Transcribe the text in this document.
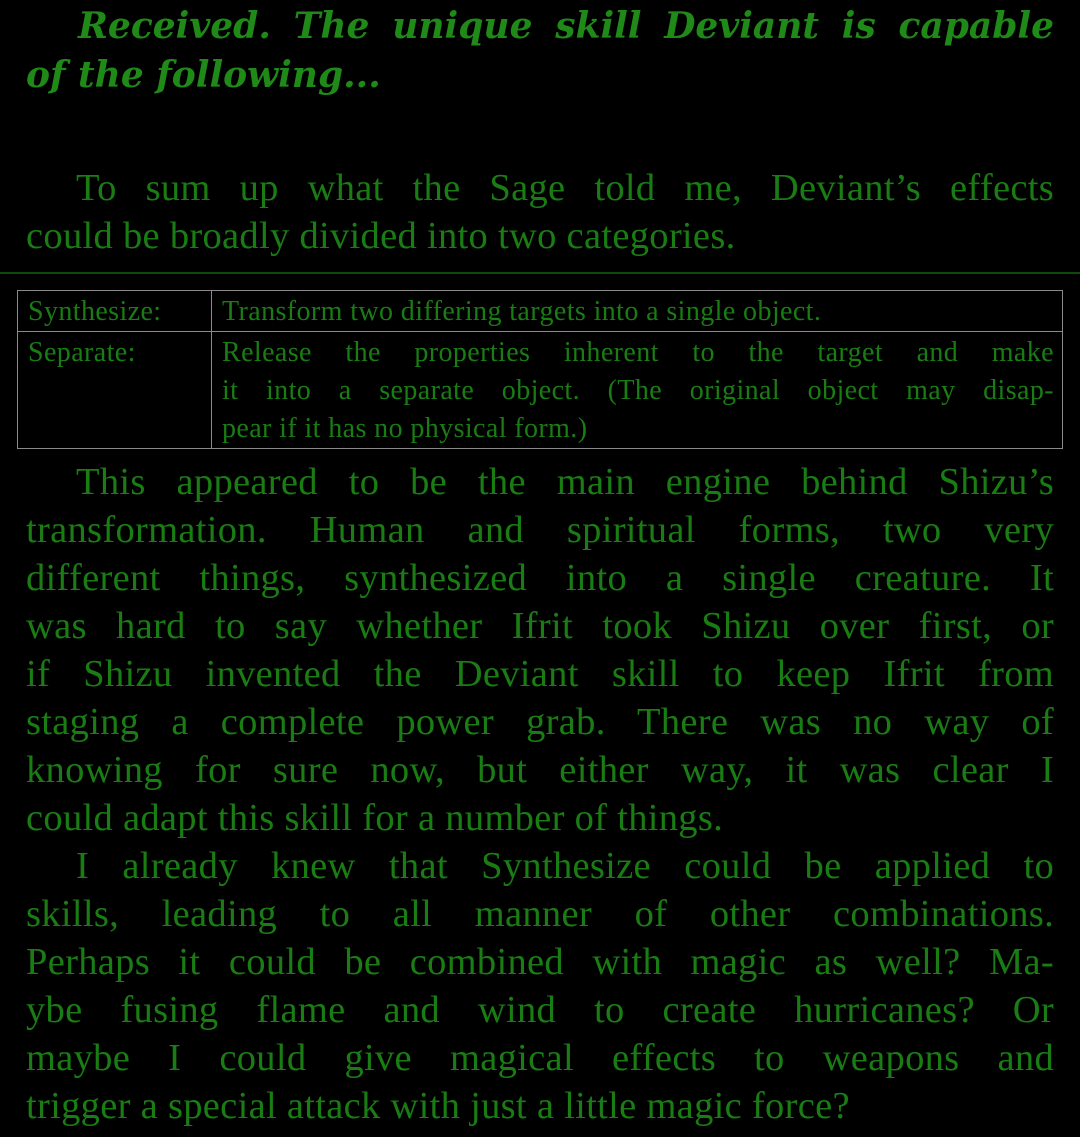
Received. The unique skill Deviant is capable
of the following...
To sum up what the Sage told me, Deviant’s effects
could be broadly divided into two categories.
Synthesize:	Transform two differing targets into a single object.

Separate:	Release the properties inherent to the target and make
it into a separate object. (The original object may disap-
pear if it has no physical form.)
This appeared to be the main engine behind Shizu’s
transformation. Human and spiritual forms, two very
different things, synthesized into a single creature. It
was hard to say whether Ifrit took Shizu over first, or
if Shizu invented the Deviant skill to keep Ifrit from
staging a complete power grab. There was no way of
knowing for sure now, but either way, it was clear I
could adapt this skill for a number of things.
I already knew that Synthesize could be applied to
skills, leading to all manner of other combinations.
Perhaps it could be combined with magic as well? Ma-
ybe fusing flame and wind to create hurricanes? Or
maybe I could give magical effects to weapons and
trigger a special attack with just a little magic force?
